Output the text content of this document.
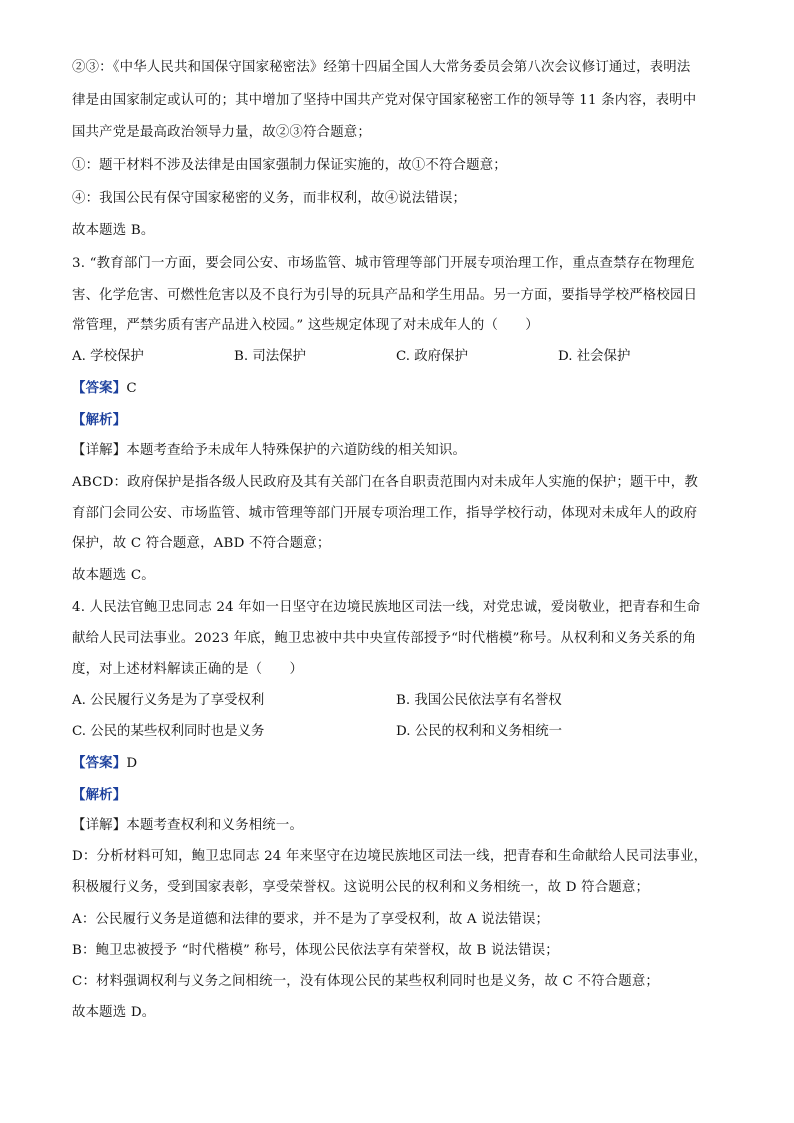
②③：《中华人民共和国保守国家秘密法》经第十四届全国人大常务委员会第八次会议修订通过，表明法
律是由国家制定或认可的；其中增加了坚持中国共产党对保守国家秘密工作的领导等 11 条内容，表明中
国共产党是最高政治领导力量，故②③符合题意；
①：题干材料不涉及法律是由国家强制力保证实施的，故①不符合题意；
④：我国公民有保守国家秘密的义务，而非权利，故④说法错误；
故本题选 B。
3. “教育部门一方面，要会同公安、市场监管、城市管理等部门开展专项治理工作，重点查禁存在物理危
害、化学危害、可燃性危害以及不良行为引导的玩具产品和学生用品。另一方面，要指导学校严格校园日
常管理，严禁劣质有害产品进入校园。” 这些规定体现了对未成年人的（　　）
A. 学校保护	B. 司法保护	C. 政府保护	D. 社会保护
【答案】C
【解析】
【详解】本题考查给予未成年人特殊保护的六道防线的相关知识。
ABCD：政府保护是指各级人民政府及其有关部门在各自职责范围内对未成年人实施的保护；题干中，教
育部门会同公安、市场监管、城市管理等部门开展专项治理工作，指导学校行动，体现对未成年人的政府
保护，故 C 符合题意，ABD 不符合题意；
故本题选 C。
4. 人民法官鲍卫忠同志 24 年如一日坚守在边境民族地区司法一线，对党忠诚，爱岗敬业，把青春和生命
献给人民司法事业。2023 年底，鲍卫忠被中共中央宣传部授予“时代楷模”称号。从权利和义务关系的角
度，对上述材料解读正确的是（　　）
A. 公民履行义务是为了享受权利	B. 我国公民依法享有名誉权
C. 公民的某些权利同时也是义务	D. 公民的权利和义务相统一
【答案】D
【解析】
【详解】本题考查权利和义务相统一。
D：分析材料可知，鲍卫忠同志 24 年来坚守在边境民族地区司法一线，把青春和生命献给人民司法事业，
积极履行义务，受到国家表彰，享受荣誉权。这说明公民的权利和义务相统一，故 D 符合题意；
A：公民履行义务是道德和法律的要求，并不是为了享受权利，故 A 说法错误；
B：鲍卫忠被授予 “时代楷模” 称号，体现公民依法享有荣誉权，故 B 说法错误；
C：材料强调权利与义务之间相统一，没有体现公民的某些权利同时也是义务，故 C 不符合题意；
故本题选 D。
